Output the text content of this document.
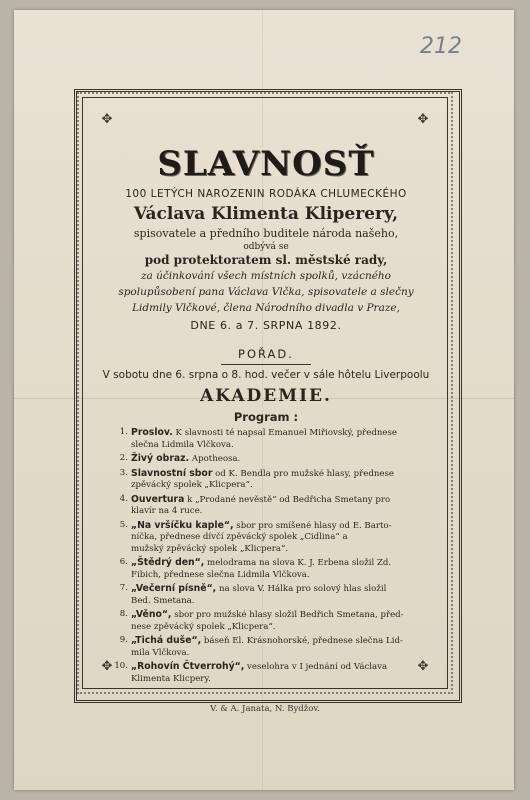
212
✥	✥
✥	✥
SLAVNOSŤ
100 LETÝCH NAROZENIN RODÁKA CHLUMECKÉHO
Václava Klimenta Kliperery,
spisovatele a předního buditele národa našeho,
odbývá se
pod protektoratem sl. městské rady,
za účinkování všech místních spolků, vzácného
spolupůsobení pana Václava Vlčka, spisovatele a slečny
Lidmily Vlčkové, člena Národního divadla v Praze,
DNE 6. a 7. SRPNA 1892.
POŘAD.
V sobotu dne 6. srpna o 8. hod. večer v sále hôtelu Liverpoolu
AKADEMIE.
Program :
1. Proslov. K slavnosti té napsal Emanuel Miřiovský, přednese
slečna Lidmila Vlčkova.
2. Živý obraz. Apotheosa.
3. Slavnostní sbor od K. Bendla pro mužské hlasy, přednese
zpěvácký spolek „Klicpera“.
4. Ouvertura k „Prodané nevěstě“ od Bedřicha Smetany pro
klavír na 4 ruce.
5. „Na vršíčku kaple“, sbor pro smíšené hlasy od E. Barto-
níčka, přednese dívčí zpěvácký spolek „Cidlina“ a
mužský zpěvácký spolek „Klicpera“.
6. „Štědrý den“, melodrama na slova K. J. Erbena složil Zd.
Fibich, přednese slečna Lidmila Vlčkova.
7. „Večerní písně“, na slova V. Hálka pro solový hlas složil
Bed. Smetana.
8. „Věno“, sbor pro mužské hlasy složil Bedřich Smetana, před-
nese zpěvácký spolek „Klicpera“.
9. „Tichá duše“, báseň El. Krásnohorské, přednese slečna Lid-
mila Vlčkova.
10. „Rohovín Čtverrohý“, veselohra v I jednání od Václava
Klimenta Klicpery.
V. & A. Janata, N. Bydžov.
